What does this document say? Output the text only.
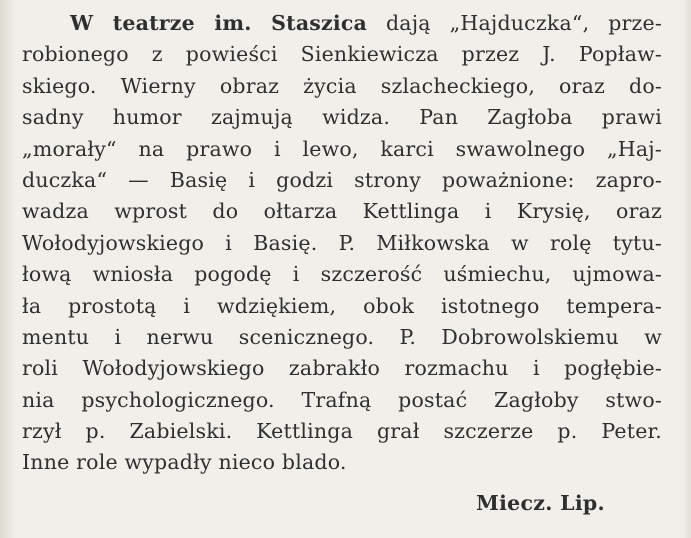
W teatrze im. Staszica dają „Hajduczka“, prze-
robionego z powieści Sienkiewicza przez J. Popław-
skiego. Wierny obraz życia szlacheckiego, oraz do-
sadny humor zajmują widza. Pan Zagłoba prawi
„morały“ na prawo i lewo, karci swawolnego „Haj-
duczka“ — Basię i godzi strony poważnione: zapro-
wadza wprost do ołtarza Kettlinga i Krysię, oraz
Wołodyjowskiego i Basię. P. Miłkowska w rolę tytu-
łową wniosła pogodę i szczerość uśmiechu, ujmowa-
ła prostotą i wdziękiem, obok istotnego tempera-
mentu i nerwu scenicznego. P. Dobrowolskiemu w
roli Wołodyjowskiego zabrakło rozmachu i pogłębie-
nia psychologicznego. Trafną postać Zagłoby stwo-
rzył p. Zabielski. Kettlinga grał szczerze p. Peter.
Inne role wypadły nieco blado.
Miecz. Lip.
